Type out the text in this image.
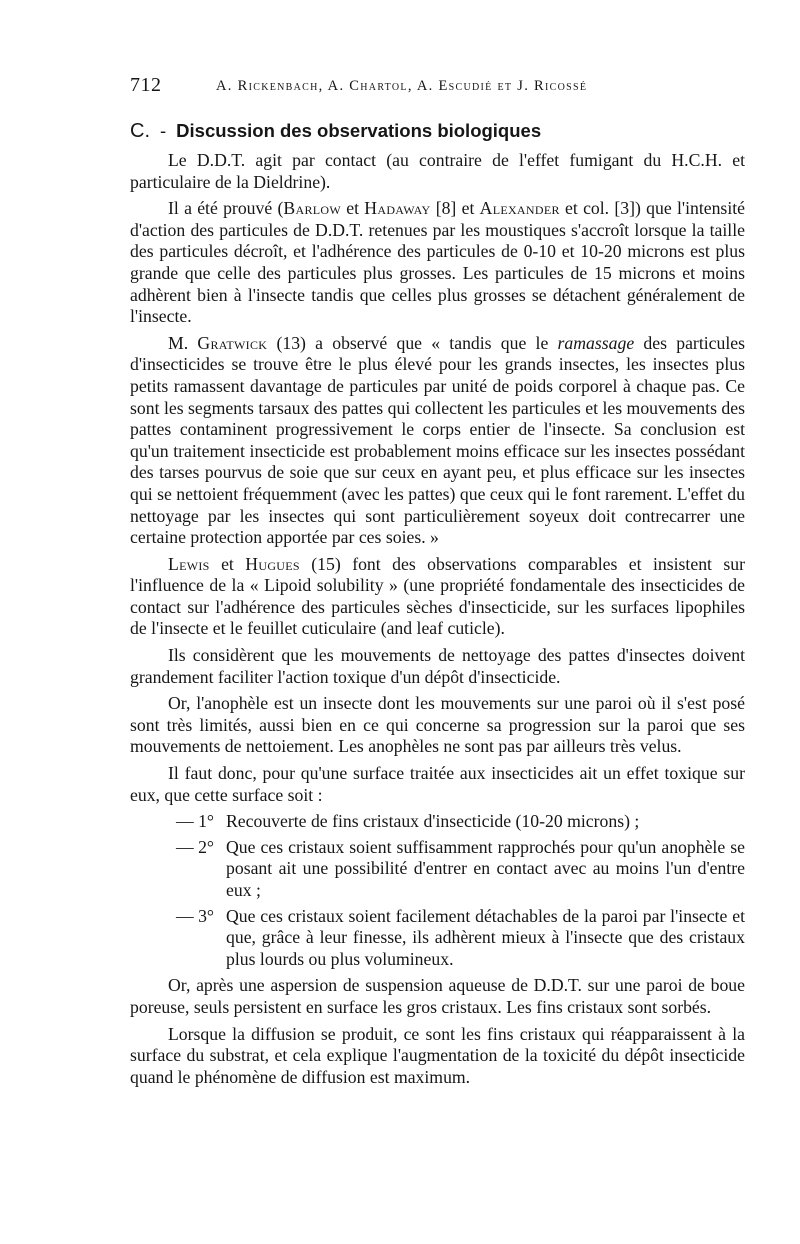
712	A. Rickenbach, A. Chartol, A. Escudié et J. Ricossé
C. - Discussion des observations biologiques

Le D.D.T. agit par contact (au contraire de l'effet fumigant du H.C.H. et particulaire de la Dieldrine).

Il a été prouvé (Barlow et Hadaway [8] et Alexander et col. [3]) que l'intensité d'action des particules de D.D.T. retenues par les moustiques s'accroît lorsque la taille des particules décroît, et l'adhérence des particules de 0-10 et 10-20 microns est plus grande que celle des particules plus grosses. Les particules de 15 microns et moins adhèrent bien à l'insecte tandis que celles plus grosses se détachent généralement de l'insecte.

M. Gratwick (13) a observé que « tandis que le ramassage des particules d'insecticides se trouve être le plus élevé pour les grands insectes, les insectes plus petits ramassent davantage de particules par unité de poids corporel à chaque pas. Ce sont les segments tarsaux des pattes qui collectent les particules et les mouvements des pattes contaminent progressivement le corps entier de l'insecte. Sa conclusion est qu'un traitement insecticide est probablement moins efficace sur les insectes possédant des tarses pourvus de soie que sur ceux en ayant peu, et plus efficace sur les insectes qui se nettoient fréquemment (avec les pattes) que ceux qui le font rarement. L'effet du nettoyage par les insectes qui sont particulièrement soyeux doit contrecarrer une certaine protection apportée par ces soies. »

Lewis et Hugues (15) font des observations comparables et insistent sur l'influence de la « Lipoid solubility » (une propriété fondamentale des insecticides de contact sur l'adhérence des particules sèches d'insecticide, sur les surfaces lipophiles de l'insecte et le feuillet cuticulaire (and leaf cuticle).

Ils considèrent que les mouvements de nettoyage des pattes d'insectes doivent grandement faciliter l'action toxique d'un dépôt d'insecticide.

Or, l'anophèle est un insecte dont les mouvements sur une paroi où il s'est posé sont très limités, aussi bien en ce qui concerne sa progression sur la paroi que ses mouvements de nettoiement. Les anophèles ne sont pas par ailleurs très velus.

Il faut donc, pour qu'une surface traitée aux insecticides ait un effet toxique sur eux, que cette surface soit :

— 1° Recouverte de fins cristaux d'insecticide (10-20 microns) ;
— 2° Que ces cristaux soient suffisamment rapprochés pour qu'un anophèle se posant ait une possibilité d'entrer en contact avec au moins l'un d'entre eux ;
— 3° Que ces cristaux soient facilement détachables de la paroi par l'insecte et que, grâce à leur finesse, ils adhèrent mieux à l'insecte que des cristaux plus lourds ou plus volumineux.

Or, après une aspersion de suspension aqueuse de D.D.T. sur une paroi de boue poreuse, seuls persistent en surface les gros cristaux. Les fins cristaux sont sorbés.

Lorsque la diffusion se produit, ce sont les fins cristaux qui réapparaissent à la surface du substrat, et cela explique l'augmentation de la toxicité du dépôt insecticide quand le phénomène de diffusion est maximum.
